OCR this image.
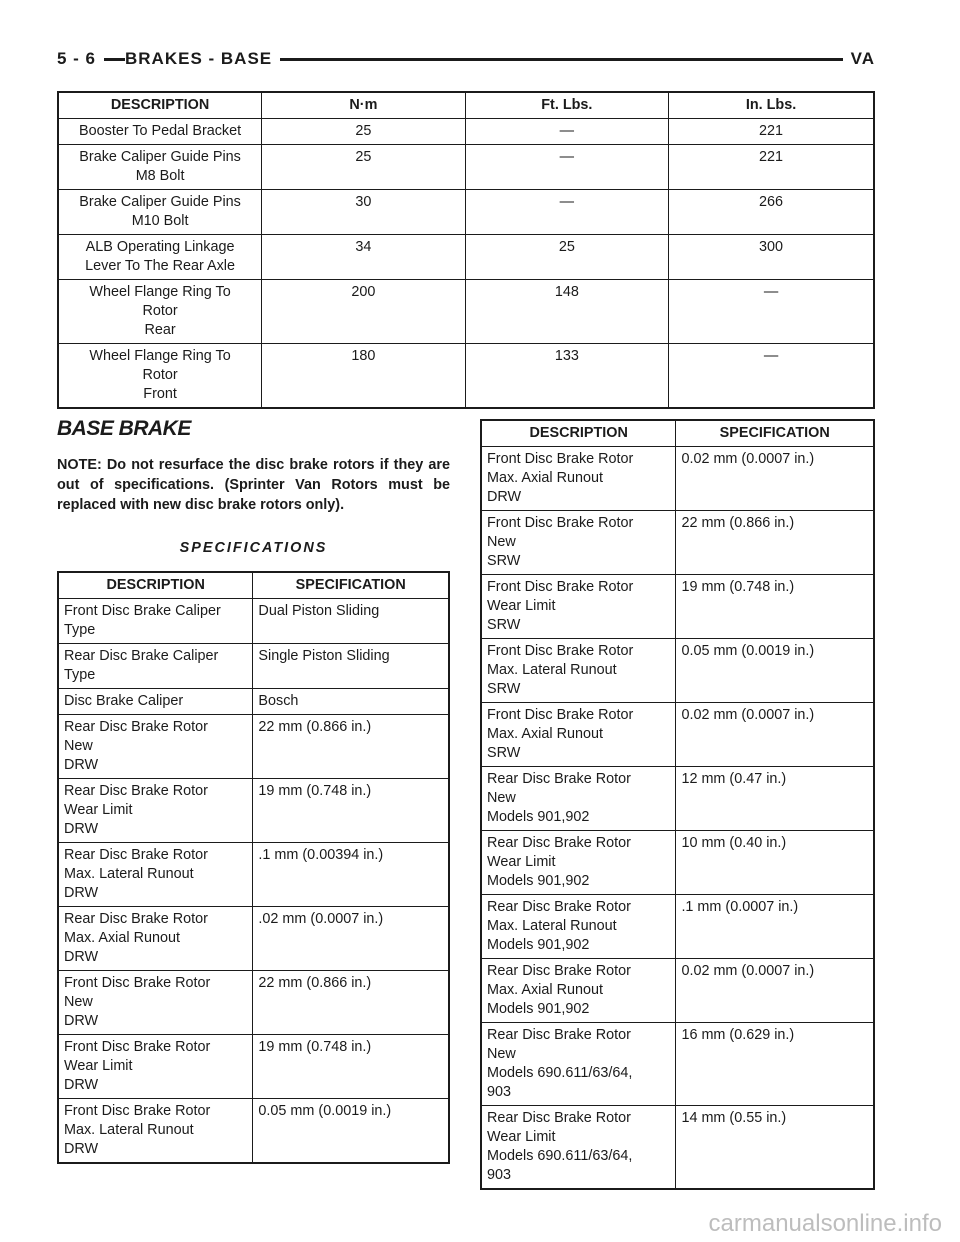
5 - 6	BRAKES - BASE	VA
DESCRIPTION	N·m	Ft. Lbs.	In. Lbs.
Booster To Pedal Bracket	25	—	221
Brake Caliper Guide Pins
M8 Bolt	25	—	221
Brake Caliper Guide Pins
M10 Bolt	30	—	266
ALB Operating Linkage
Lever To The Rear Axle	34	25	300
Wheel Flange Ring To
Rotor
Rear	200	148	—
Wheel Flange Ring To
Rotor
Front	180	133	—
BASE BRAKE
NOTE: Do not resurface the disc brake rotors if they are out of specifications. (Sprinter Van Rotors must be replaced with new disc brake rotors only).
SPECIFICATIONS
DESCRIPTION	SPECIFICATION
Front Disc Brake Caliper
Type	Dual Piston Sliding
Rear Disc Brake Caliper
Type	Single Piston Sliding
Disc Brake Caliper	Bosch
Rear Disc Brake Rotor
New
DRW	22 mm (0.866 in.)
Rear Disc Brake Rotor
Wear Limit
DRW	19 mm (0.748 in.)
Rear Disc Brake Rotor
Max. Lateral Runout
DRW	.1 mm (0.00394 in.)
Rear Disc Brake Rotor
Max. Axial Runout
DRW	.02 mm (0.0007 in.)
Front Disc Brake Rotor
New
DRW	22 mm (0.866 in.)
Front Disc Brake Rotor
Wear Limit
DRW	19 mm (0.748 in.)
Front Disc Brake Rotor
Max. Lateral Runout
DRW	0.05 mm (0.0019 in.)
DESCRIPTION	SPECIFICATION
Front Disc Brake Rotor
Max. Axial Runout
DRW	0.02 mm (0.0007 in.)
Front Disc Brake Rotor
New
SRW	22 mm (0.866 in.)
Front Disc Brake Rotor
Wear Limit
SRW	19 mm (0.748 in.)
Front Disc Brake Rotor
Max. Lateral Runout
SRW	0.05 mm (0.0019 in.)
Front Disc Brake Rotor
Max. Axial Runout
SRW	0.02 mm (0.0007 in.)
Rear Disc Brake Rotor
New
Models 901,902	12 mm (0.47 in.)
Rear Disc Brake Rotor
Wear Limit
Models 901,902	10 mm (0.40 in.)
Rear Disc Brake Rotor
Max. Lateral Runout
Models 901,902	.1 mm (0.0007 in.)
Rear Disc Brake Rotor
Max. Axial Runout
Models 901,902	0.02 mm (0.0007 in.)
Rear Disc Brake Rotor
New
Models 690.611/63/64,
903	16 mm (0.629 in.)
Rear Disc Brake Rotor
Wear Limit
Models 690.611/63/64,
903	14 mm (0.55 in.)
carmanualsonline.info
